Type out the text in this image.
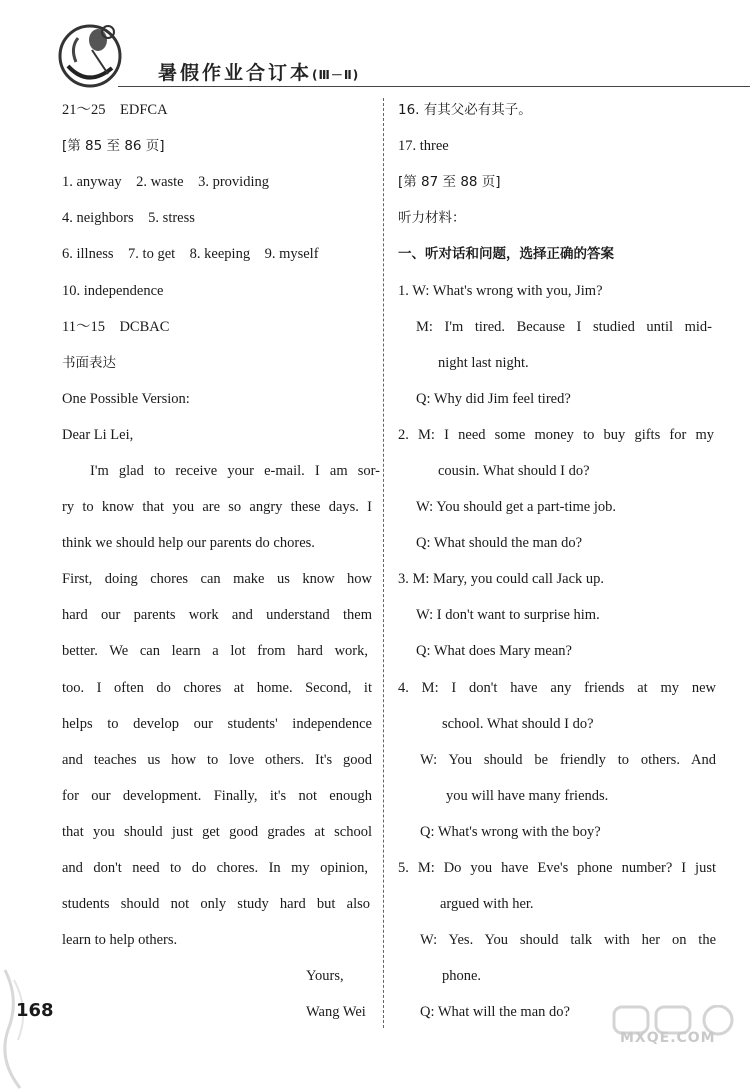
暑假作业合订本(Ⅲ－Ⅱ)
21～25　EDFCA
[第 85 至 86 页]
1. anyway　2. waste　3. providing
4. neighbors　5. stress
6. illness　7. to get　8. keeping　9. myself
10. independence
11～15　DCBAC
书面表达
One Possible Version:
Dear Li Lei,
I'm glad to receive your e-mail. I am sor-
ry to know that you are so angry these days. I
think we should help our parents do chores.
First, doing chores can make us know how
hard our parents work and understand them
better. We can learn a lot from hard work,
too. I often do chores at home. Second, it
helps to develop our students' independence
and teaches us how to love others. It's good
for our development. Finally, it's not enough
that you should just get good grades at school
and don't need to do chores. In my opinion,
students should not only study hard but also
learn to help others.
Yours,
Wang Wei
16. 有其父必有其子。
17. three
[第 87 至 88 页]
听力材料：
一、听对话和问题，选择正确的答案
1. W: What's wrong with you, Jim?
M: I'm tired. Because I studied until mid-
night last night.
Q: Why did Jim feel tired?
2. M: I need some money to buy gifts for my
cousin. What should I do?
W: You should get a part-time job.
Q: What should the man do?
3. M: Mary, you could call Jack up.
W: I don't want to surprise him.
Q: What does Mary mean?
4. M: I don't have any friends at my new
school. What should I do?
W: You should be friendly to others. And
you will have many friends.
Q: What's wrong with the boy?
5. M: Do you have Eve's phone number? I just
argued with her.
W: Yes. You should talk with her on the
phone.
Q: What will the man do?
168
MXQE.COM
